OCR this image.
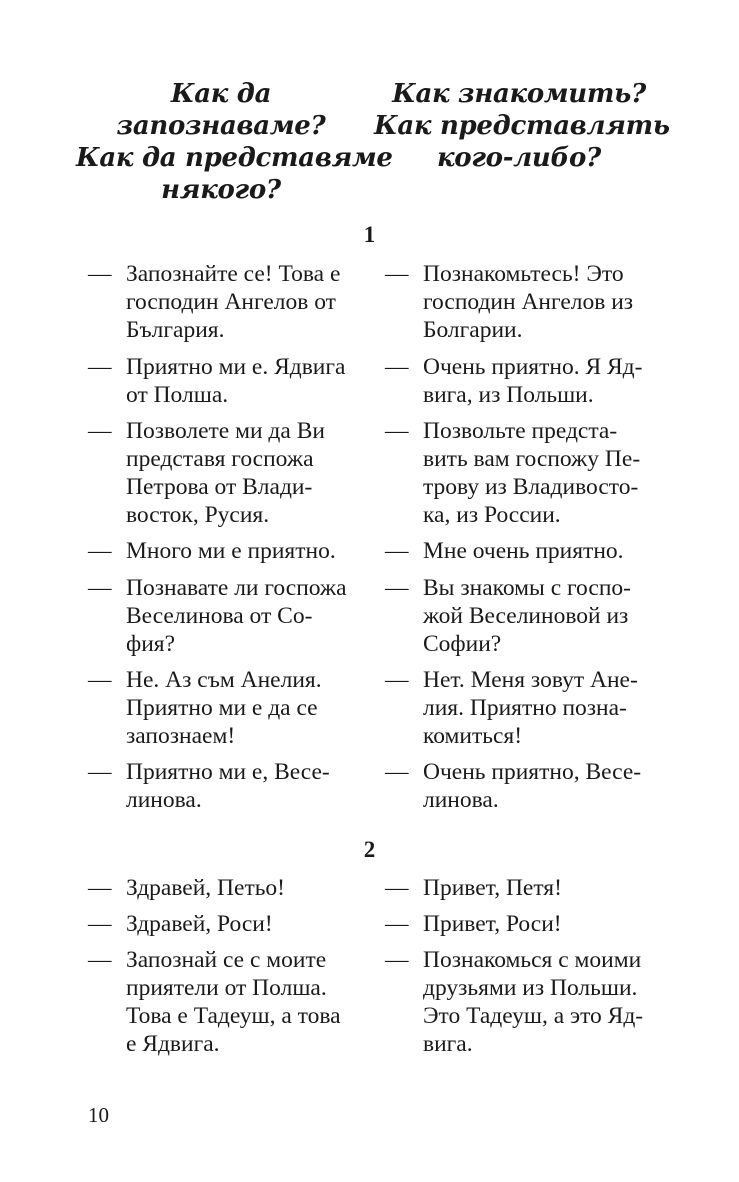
Как да
запознаваме?
Как да представяме
някого?
Как знакомить?
Как представлять
кого-либо?
1
— Запознайте се! Това е
господин Ангелов от
България.
— Приятно ми е. Ядвига
от Полша.
— Позволете ми да Ви
представя госпожа
Петрова от Влади-
восток, Русия.
— Много ми е приятно.
— Познавате ли госпожа
Веселинова от Со-
фия?
— Не. Аз съм Анелия.
Приятно ми е да се
запознаем!
— Приятно ми е, Весе-
линова.
— Познакомьтесь! Это
господин Ангелов из
Болгарии.
— Очень приятно. Я Яд-
вига, из Польши.
— Позвольте предста-
вить вам госпожу Пе-
трову из Владивосто-
ка, из России.
— Мне очень приятно.
— Вы знакомы с госпо-
жой Веселиновой из
Софии?
— Нет. Меня зовут Ане-
лия. Приятно позна-
комиться!
— Очень приятно, Весе-
линова.
2
— Здравей, Петьо!
— Здравей, Роси!
— Запознай се с моите
приятели от Полша.
Това е Тадеуш, а това
е Ядвига.
— Привет, Петя!
— Привет, Роси!
— Познакомься с моими
друзьями из Польши.
Это Тадеуш, а это Яд-
вига.
10
